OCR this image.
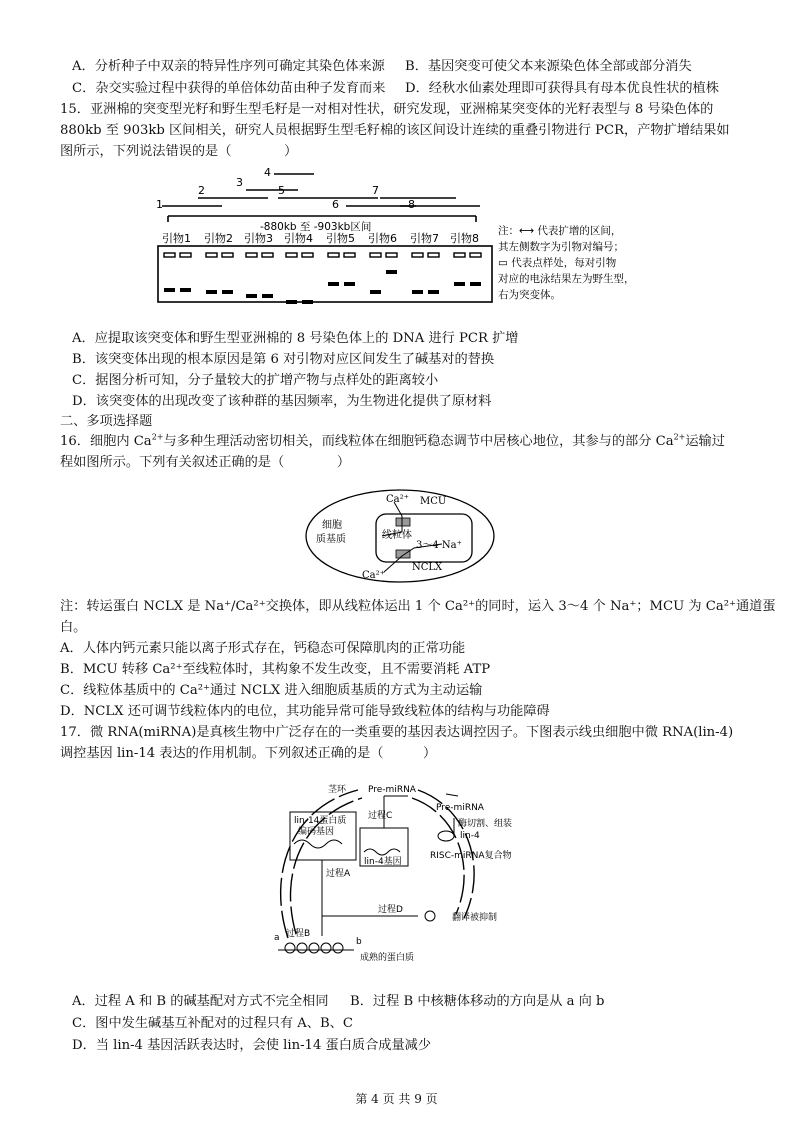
A．分析种子中双亲的特异性序列可确定其染色体来源 B．基因突变可使父本来源染色体全部或部分消失
C．杂交实验过程中获得的单倍体幼苗由种子发育而来 D．经秋水仙素处理即可获得具有母本优良性状的植株
15．亚洲棉的突变型光籽和野生型毛籽是一对相对性状，研究发现，亚洲棉某突变体的光籽表型与 8 号染色体的
880kb 至 903kb 区间相关，研究人员根据野生型毛籽棉的该区间设计连续的重叠引物进行 PCR，产物扩增结果如
图所示，下列说法错误的是（　　　　）
1
2
3
4
5
6
7
8
-880kb 至 -903kb区间
引物1 引物2 引物3 引物4 引物5 引物6 引物7 引物8
注：⟷ 代表扩增的区间，
其左侧数字为引物对编号；
▭ 代表点样处，每对引物
对应的电泳结果左为野生型，
右为突变体。
A．应提取该突变体和野生型亚洲棉的 8 号染色体上的 DNA 进行 PCR 扩增
B．该突变体出现的根本原因是第 6 对引物对应区间发生了碱基对的替换
C．据图分析可知，分子量较大的扩增产物与点样处的距离较小
D．该突变体的出现改变了该种群的基因频率，为生物进化提供了原材料
二、多项选择题
16．细胞内 $Ca^{2+}$与多种生理活动密切相关，而线粒体在细胞钙稳态调节中居核心地位，其参与的部分 $Ca^{2+}$运输过
程如图所示。下列有关叙述正确的是（　　　　）
细胞
质基质
Ca²⁺ MCU
线粒体
3～4 Na⁺
NCLX
Ca²⁺
注：转运蛋白 NCLX 是 Na⁺/Ca²⁺交换体，即从线粒体运出 1 个 Ca²⁺的同时，运入 3～4 个 Na⁺；MCU 为 Ca²⁺通道蛋
白。
A．人体内钙元素只能以离子形式存在，钙稳态可保障肌肉的正常功能
B．MCU 转移 Ca²⁺至线粒体时，其构象不发生改变，且不需要消耗 ATP
C．线粒体基质中的 Ca²⁺通过 NCLX 进入细胞质基质的方式为主动运输
D．NCLX 还可调节线粒体内的电位，其功能异常可能导致线粒体的结构与功能障碍
17．微 RNA(miRNA)是真核生物中广泛存在的一类重要的基因表达调控因子。下图表示线虫细胞中微 RNA(lin-4)
调控基因 lin-14 表达的作用机制。下列叙述正确的是（　　　）
茎环 Pre-miRNA
Pre-miRNA
酶切割、组装
lin-4
RISC-miRNA复合物
lin-14蛋白质
编码基因
lin-4基因
过程C
过程A
过程D
翻译被抑制
过程B
a	b
成熟的蛋白质
A．过程 A 和 B 的碱基配对方式不完全相同 B．过程 B 中核糖体移动的方向是从 a 向 b
C．图中发生碱基互补配对的过程只有 A、B、C
D．当 lin-4 基因活跃表达时，会使 lin-14 蛋白质合成量减少
第 4 页 共 9 页
